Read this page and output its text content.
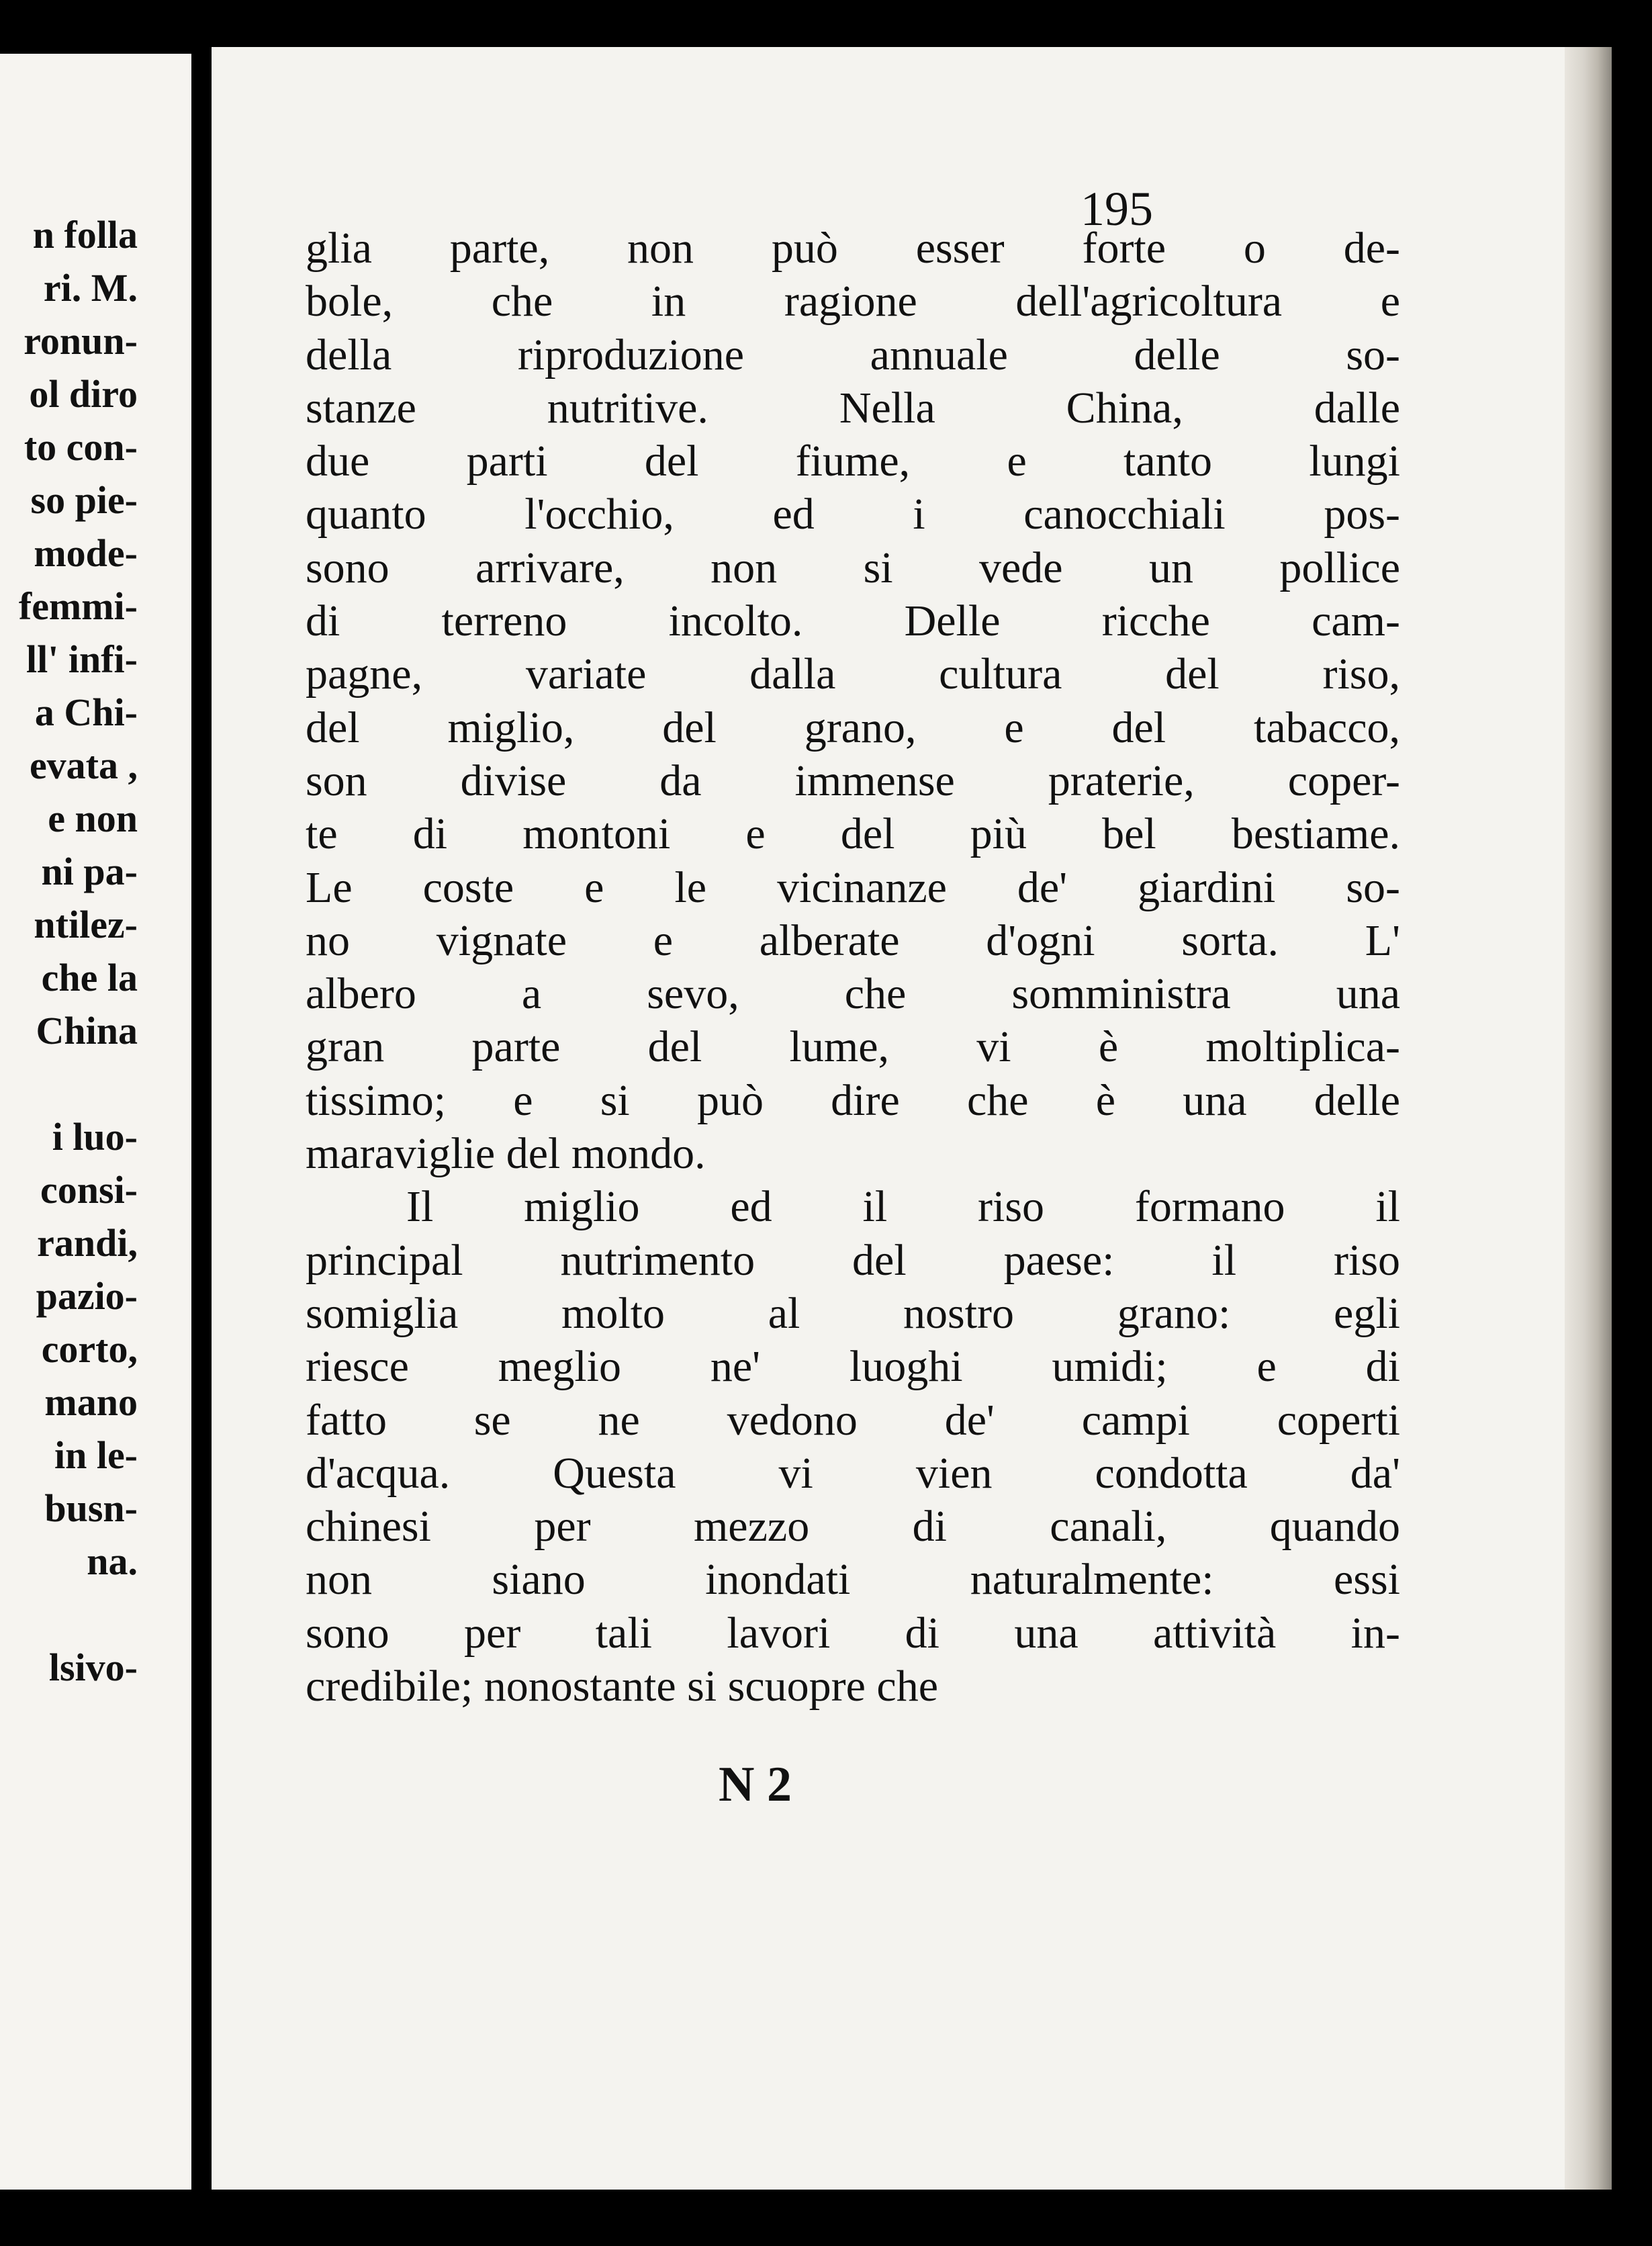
n folla
ri. M.
ronun-
ol diro
to con-
so pie-
mode-
femmi-
ll' infi-
a Chi-
evata ,
e non
ni pa-
ntilez-
che la
China

i luo-
consi-
randi,
pazio-
corto,
mano
in le-
busn-
na.

lsivo-
195
glia parte, non può esser forte o de-
bole, che in ragione dell'agricoltura e
della riproduzione annuale delle so-
stanze nutritive. Nella China, dalle
due parti del fiume, e tanto lungi
quanto l'occhio, ed i canocchiali pos-
sono arrivare, non si vede un pollice
di terreno incolto. Delle ricche cam-
pagne, variate dalla cultura del riso,
del miglio, del grano, e del tabacco,
son divise da immense praterie, coper-
te di montoni e del più bel bestiame.
Le coste e le vicinanze de' giardini so-
no vignate e alberate d'ogni sorta. L'
albero a sevo, che somministra una
gran parte del lume, vi è moltiplica-
tissimo; e si può dire che è una delle
maraviglie del mondo.
Il miglio ed il riso formano il
principal nutrimento del paese: il riso
somiglia molto al nostro grano: egli
riesce meglio ne' luoghi umidi; e di
fatto se ne vedono de' campi coperti
d'acqua. Questa vi vien condotta da'
chinesi per mezzo di canali, quando
non siano inondati naturalmente: essi
sono per tali lavori di una attività in-
credibile; nonostante si scuopre che
N 2
